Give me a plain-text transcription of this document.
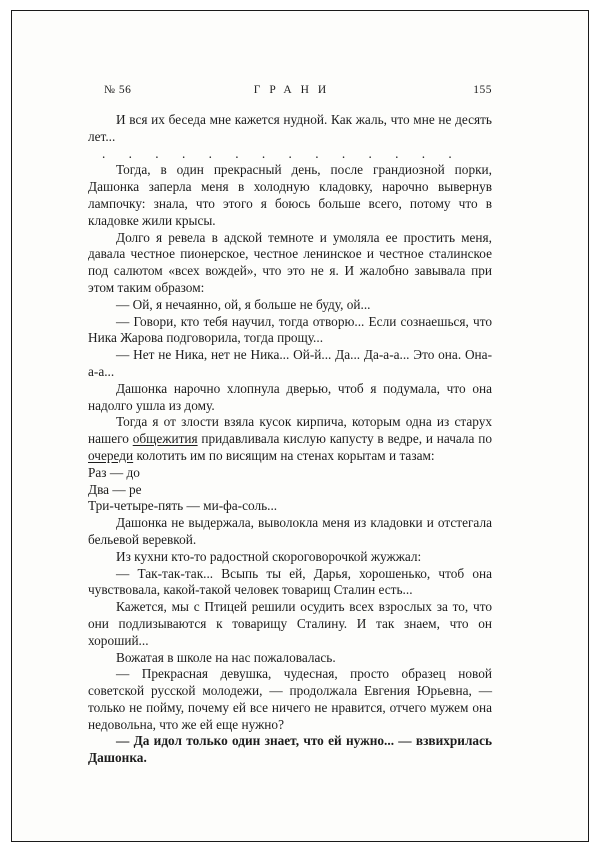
№ 56	ГРАНИ	155

И вся их беседа мне кажется нудной. Как жаль, что мне не десять лет...

. . . . . . . . . . . . . .

Тогда, в один прекрасный день, после грандиозной порки, Дашонка заперла меня в холодную кладовку, нарочно вывернув лампочку: знала, что этого я боюсь больше всего, потому что в кладовке жили крысы.

Долго я ревела в адской темноте и умоляла ее простить меня, давала честное пионерское, честное ленинское и честное сталинское под салютом «всех вождей», что это не я. И жалобно завывала при этом таким образом:

— Ой, я нечаянно, ой, я больше не буду, ой...

— Говори, кто тебя научил, тогда отворю... Если сознаешься, что Ника Жарова подговорила, тогда прощу...

— Нет не Ника, нет не Ника... Ой-й... Да... Да-а-а... Это она. Она-а-а...

Дашонка нарочно хлопнула дверью, чтоб я подумала, что она надолго ушла из дому.

Тогда я от злости взяла кусок кирпича, которым одна из старух нашего общежития придавливала кислую капусту в ведре, и начала по очереди колотить им по висящим на стенах корытам и тазам:

Раз — до

Два — ре

Три-четыре-пять — ми-фа-соль...

Дашонка не выдержала, выволокла меня из кладовки и отстегала бельевой веревкой.

Из кухни кто-то радостной скороговорочкой жужжал:

— Так-так-так... Всыпь ты ей, Дарья, хорошенько, чтоб она чувствовала, какой-такой человек товарищ Сталин есть...

Кажется, мы с Птицей решили осудить всех взрослых за то, что они подлизываются к товарищу Сталину. И так знаем, что он хороший...

Вожатая в школе на нас пожаловалась.

— Прекрасная девушка, чудесная, просто образец новой советской русской молодежи, — продолжала Евгения Юрьевна, — только не пойму, почему ей все ничего не нравится, отчего мужем она недовольна, что же ей еще нужно?

— Да идол только один знает, что ей нужно... — взвихрилась Дашонка.
